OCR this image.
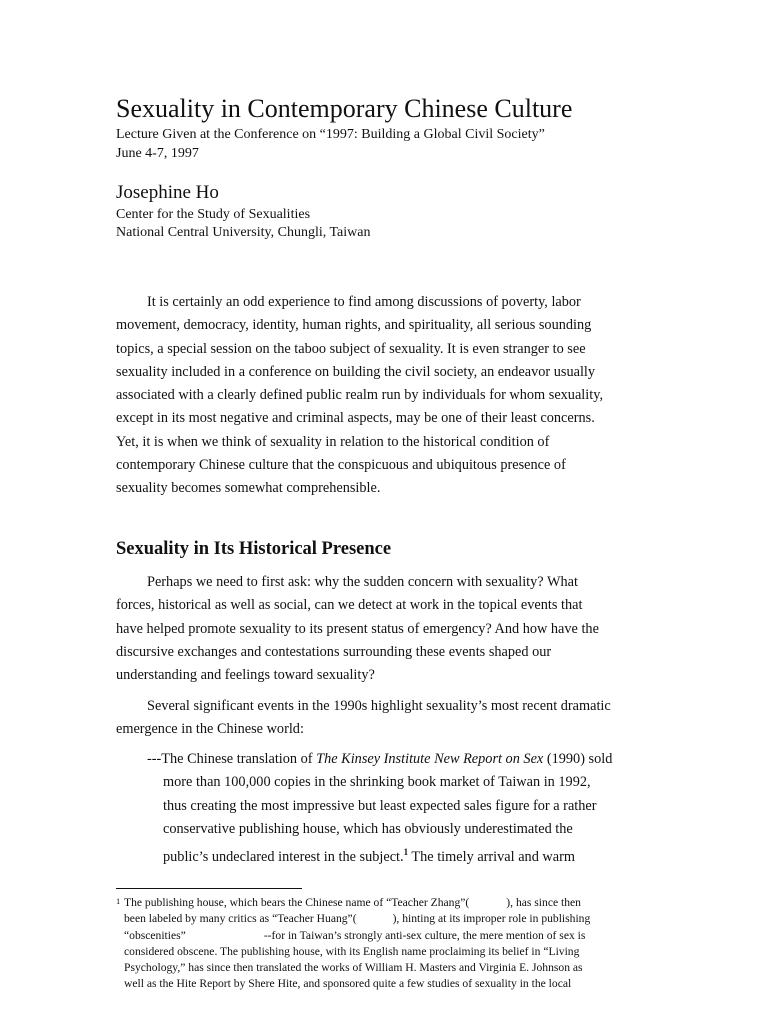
Sexuality in Contemporary Chinese Culture
Lecture Given at the Conference on “1997: Building a Global Civil Society”
June 4-7, 1997
Josephine Ho
Center for the Study of Sexualities
National Central University, Chungli, Taiwan
It is certainly an odd experience to find among discussions of poverty, labor
movement, democracy, identity, human rights, and spirituality, all serious sounding
topics, a special session on the taboo subject of sexuality. It is even stranger to see
sexuality included in a conference on building the civil society, an endeavor usually
associated with a clearly defined public realm run by individuals for whom sexuality,
except in its most negative and criminal aspects, may be one of their least concerns.
Yet, it is when we think of sexuality in relation to the historical condition of
contemporary Chinese culture that the conspicuous and ubiquitous presence of
sexuality becomes somewhat comprehensible.
Sexuality in Its Historical Presence
Perhaps we need to first ask: why the sudden concern with sexuality? What
forces, historical as well as social, can we detect at work in the topical events that
have helped promote sexuality to its present status of emergency? And how have the
discursive exchanges and contestations surrounding these events shaped our
understanding and feelings toward sexuality?
Several significant events in the 1990s highlight sexuality’s most recent dramatic
emergence in the Chinese world:
---The Chinese translation of The Kinsey Institute New Report on Sex (1990) sold
more than 100,000 copies in the shrinking book market of Taiwan in 1992,
thus creating the most impressive but least expected sales figure for a rather
conservative publishing house, which has obviously underestimated the
public’s undeclared interest in the subject.$^1$ The timely arrival and warm
1 The publishing house, which bears the Chinese name of “Teacher Zhang”(	), has since then
been labeled by many critics as “Teacher Huang”(	), hinting at its improper role in publishing
“obscenities”	--for in Taiwan’s strongly anti-sex culture, the mere mention of sex is
considered obscene. The publishing house, with its English name proclaiming its belief in “Living
Psychology,” has since then translated the works of William H. Masters and Virginia E. Johnson as
well as the Hite Report by Shere Hite, and sponsored quite a few studies of sexuality in the local
